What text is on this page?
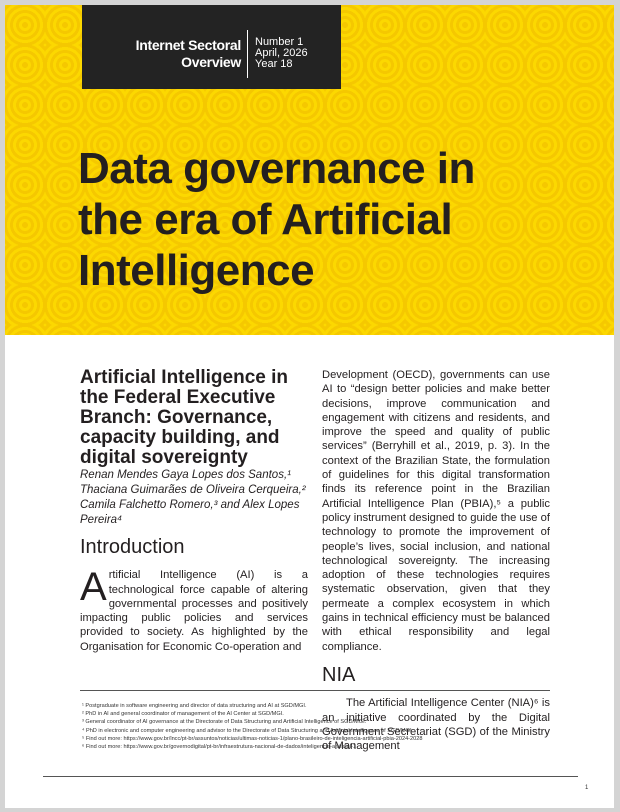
Internet Sectoral
Overview
Number 1
April, 2026
Year 18
Data governance in
the era of Artificial
Intelligence
Artificial Intelligence in the Federal Executive Branch: Governance, capacity building, and digital sovereignty
Renan Mendes Gaya Lopes dos Santos,¹ Thaciana Guimarães de Oliveira Cerqueira,² Camila Falchetto Romero,³ and Alex Lopes Pereira⁴
Introduction

Artificial Intelligence (AI) is a technological force capable of altering governmental processes and positively impacting public policies and services provided to society. As highlighted by the Organisation for Economic Co-operation and

Development (OECD), governments can use AI to “design better policies and make better decisions, improve communication and engagement with citizens and residents, and improve the speed and quality of public services” (Berryhill et al., 2019, p. 3). In the context of the Brazilian State, the formulation of guidelines for this digital transformation finds its reference point in the Brazilian Artificial Intelligence Plan (PBIA),⁵ a public policy instrument designed to guide the use of technology to promote the improvement of people’s lives, social inclusion, and national technological sovereignty. The increasing adoption of these technologies requires systematic observation, given that they permeate a complex ecosystem in which gains in technical efficiency must be balanced with ethical responsibility and legal compliance.

NIA

The Artificial Intelligence Center (NIA)⁶ is an initiative coordinated by the Digital Government Secretariat (SGD) of the Ministry of Management

¹ Postgraduate in software engineering and director of data structuring and AI at SGD/MGI.
² PhD in AI and general coordinator of management of the AI Center at SGD/MGI.
³ General coordinator of AI governance at the Directorate of Data Structuring and Artificial Intelligence of SGD/MGI.
⁴ PhD in electronic and computer engineering and advisor to the Directorate of Data Structuring and Artificial Intelligence of SGD/MGI.
⁵ Find out more: https://www.gov.br/lncc/pt-br/assuntos/noticias/ultimas-noticias-1/plano-brasileiro-de-inteligencia-artificial-pbia-2024-2028
⁶ Find out more: https://www.gov.br/governodigital/pt-br/infraestrutura-nacional-de-dados/inteligencia-artificial-1
1
